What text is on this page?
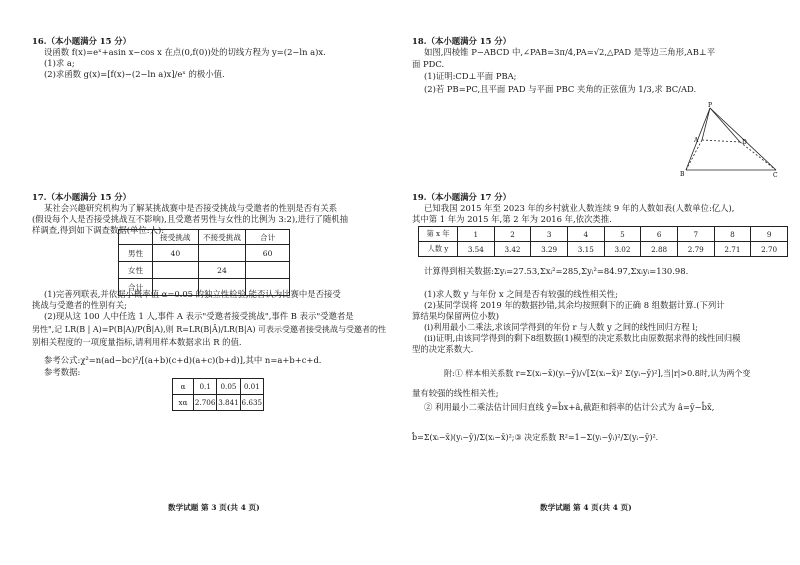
16.（本小题满分 15 分）
设函数 f(x)=eˣ+asin x−cos x 在点(0,f(0))处的切线方程为 y=(2−ln a)x.
(1)求 a;
(2)求函数 g(x)=[f(x)−(2−ln a)x]/eˣ 的极小值.
17.（本小题满分 15 分）
某社会兴趣研究机构为了解某挑战赛中是否接受挑战与受邀者的性别是否有关系
(假设每个人是否接受挑战互不影响),且受邀者男性与女性的比例为 3:2),进行了随机抽
样调查,得到如下调查数据(单位:人):
	接受挑战	不接受挑战	合计
男性	40		60
女性		24	
合计			
(1)完善列联表,并依据小概率值 α=0.05 的独立性检验,能否认为比赛中是否接受
挑战与受邀者的性别有关;
(2)现从这 100 人中任选 1 人,事件 A 表示"受邀者接受挑战",事件 B 表示"受邀者是
男性",记 LR(B | A)=P(B|A)/P(B̄|A),则 R=LR(B|Ā)/LR(B|A) 可表示受邀者接受挑战与受邀者的性
别相关程度的一项度量指标,请利用样本数据求出 R 的值.
参考公式:χ²=n(ad−bc)²/[(a+b)(c+d)(a+c)(b+d)],其中 n=a+b+c+d.
参考数据:
α	0.1	0.05	0.01
xα	2.706	3.841	6.635
数学试题 第 3 页(共 4 页)
18.（本小题满分 15 分）
如图,四棱锥 P−ABCD 中,∠PAB=3π/4,PA=√2,△PAD 是等边三角形,AB⊥平
面 PDC.
(1)证明:CD⊥平面 PBA;
(2)若 PB=PC,且平面 PAD 与平面 PBC 夹角的正弦值为 1/3,求 BC/AD.
P
A	D
B	C
19.（本小题满分 17 分）
已知我国 2015 年至 2023 年的乡村就业人数连续 9 年的人数如表(人数单位:亿人),
其中第 1 年为 2015 年,第 2 年为 2016 年,依次类推.
第 x 年	1	2	3	4	5	6	7	8	9
人数 y	3.54	3.42	3.29	3.15	3.02	2.88	2.79	2.71	2.70
计算得到相关数据:Σyᵢ=27.53,Σxᵢ²=285,Σyᵢ²=84.97,Σxᵢyᵢ=130.98.
(1)求人数 y 与年份 x 之间是否有较强的线性相关性;
(2)某同学误将 2019 年的数据抄错,其余均按照剩下的正确 8 组数据计算.(下列计
算结果均保留两位小数)
(ⅰ)利用最小二乘法,求该同学得到的年份 r 与人数 y 之间的线性回归方程 l;
(ⅱ)证明,由该同学得到的剩下8组数据(1)模型的决定系数比由原数据求得的线性回归模
型的决定系数大.
附:① 样本相关系数 r=Σ(xᵢ−x̄)(yᵢ−ȳ)/√[Σ(xᵢ−x̄)² Σ(yᵢ−ȳ)²],当|r|>0.8时,认为两个变
量有较强的线性相关性;
② 利用最小二乘法估计回归直线 ŷ=b̂x+â,截距和斜率的估计公式为 â=ȳ−b̂x̄,
b̂=Σ(xᵢ−x̄)(yᵢ−ȳ)/Σ(xᵢ−x̄)²;③ 决定系数 R²=1−Σ(yᵢ−ŷᵢ)²/Σ(yᵢ−ȳ)².
数学试题 第 4 页(共 4 页)
